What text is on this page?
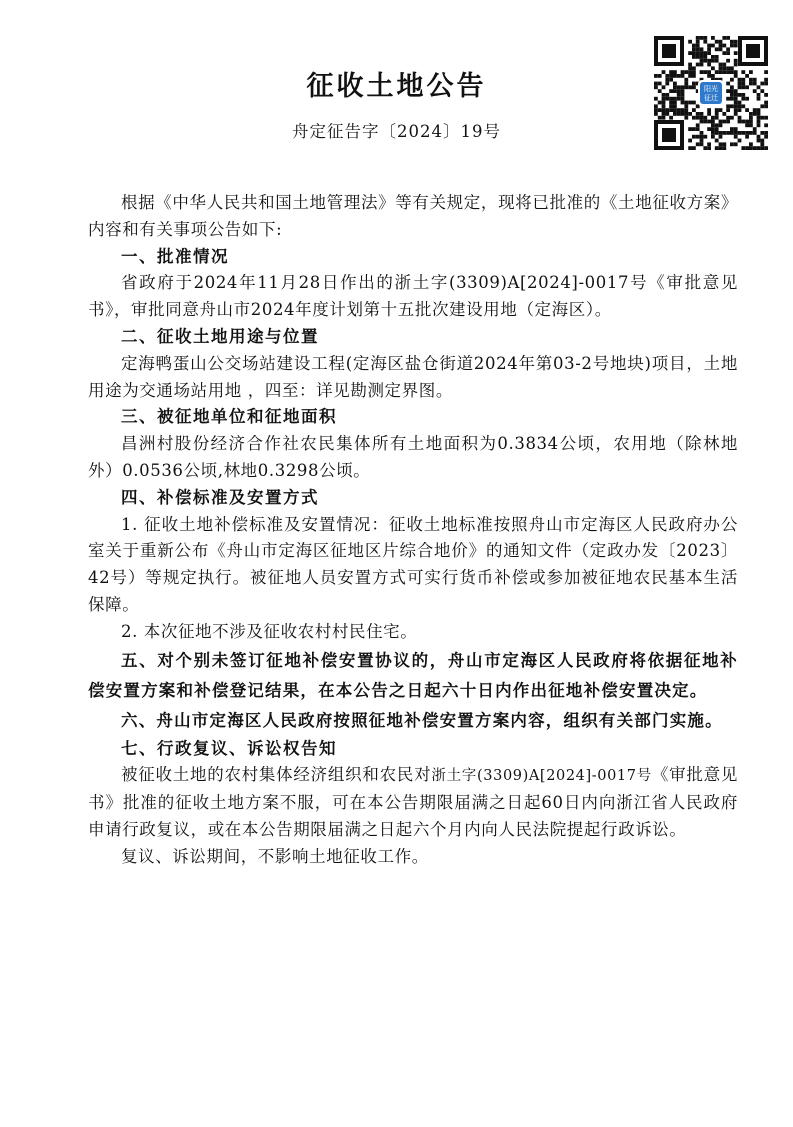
阳光
征迁
征收土地公告
舟定征告字〔2024〕19号

根据《中华人民共和国土地管理法》等有关规定，现将已批准的《土地征收方案》内容和有关事项公告如下:

一、批准情况

省政府于2024年11月28日作出的浙土字(3309)A[2024]-0017号《审批意见书》，审批同意舟山市2024年度计划第十五批次建设用地（定海区）。

二、征收土地用途与位置

定海鸭蛋山公交场站建设工程(定海区盐仓街道2024年第03-2号地块)项目，土地用途为交通场站用地 ，四至：详见勘测定界图。

三、被征地单位和征地面积

昌洲村股份经济合作社农民集体所有土地面积为0.3834公顷，农用地（除林地外）0.0536公顷,林地0.3298公顷。

四、补偿标准及安置方式

1. 征收土地补偿标准及安置情况：征收土地标准按照舟山市定海区人民政府办公室关于重新公布《舟山市定海区征地区片综合地价》的通知文件（定政办发〔2023〕42号）等规定执行。被征地人员安置方式可实行货币补偿或参加被征地农民基本生活保障。

2. 本次征地不涉及征收农村村民住宅。

五、对个别未签订征地补偿安置协议的，舟山市定海区人民政府将依据征地补偿安置方案和补偿登记结果，在本公告之日起六十日内作出征地补偿安置决定。

六、舟山市定海区人民政府按照征地补偿安置方案内容，组织有关部门实施。

七、行政复议、诉讼权告知

被征收土地的农村集体经济组织和农民对浙土字(3309)A[2024]-0017号《审批意见书》批准的征收土地方案不服，可在本公告期限届满之日起60日内向浙江省人民政府申请行政复议，或在本公告期限届满之日起六个月内向人民法院提起行政诉讼。

复议、诉讼期间，不影响土地征收工作。
